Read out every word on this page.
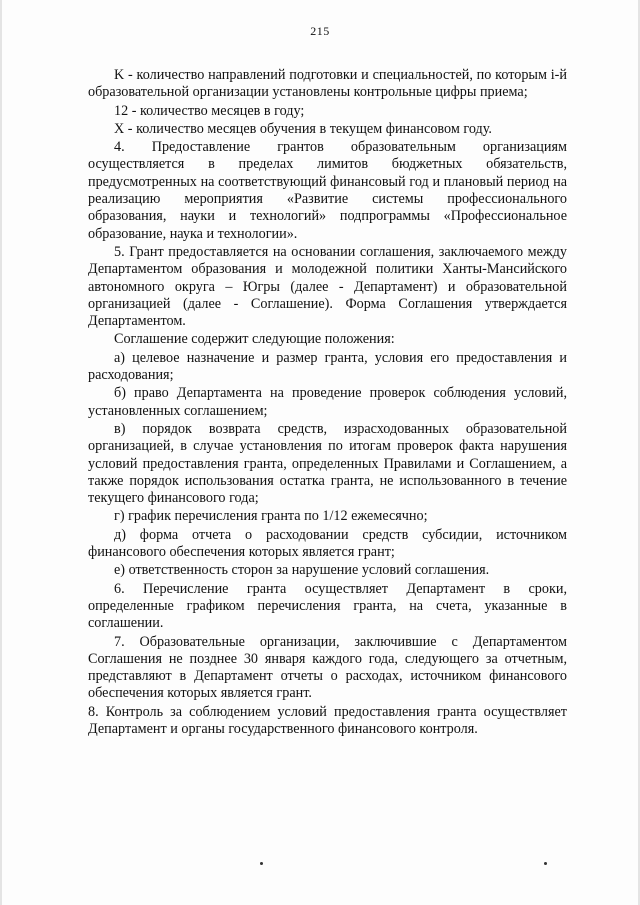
215

K - количество направлений подготовки и специальностей, по которым i-й образовательной организации установлены контрольные цифры приема;

12 - количество месяцев в году;

X - количество месяцев обучения в текущем финансовом году.

4. Предоставление грантов образовательным организациям осуществляется в пределах лимитов бюджетных обязательств, предусмотренных на соответствующий финансовый год и плановый период на реализацию мероприятия «Развитие системы профессионального образования, науки и технологий» подпрограммы «Профессиональное образование, наука и технологии».

5. Грант предоставляется на основании соглашения, заключаемого между Департаментом образования и молодежной политики Ханты-Мансийского автономного округа – Югры (далее - Департамент) и образовательной организацией (далее - Соглашение). Форма Соглашения утверждается Департаментом.

Соглашение содержит следующие положения:

а) целевое назначение и размер гранта, условия его предоставления и расходования;

б) право Департамента на проведение проверок соблюдения условий, установленных соглашением;

в) порядок возврата средств, израсходованных образовательной организацией, в случае установления по итогам проверок факта нарушения условий предоставления гранта, определенных Правилами и Соглашением, а также порядок использования остатка гранта, не использованного в течение текущего финансового года;

г) график перечисления гранта по 1/12 ежемесячно;

д) форма отчета о расходовании средств субсидии, источником финансового обеспечения которых является грант;

е) ответственность сторон за нарушение условий соглашения.

6. Перечисление гранта осуществляет Департамент в сроки, определенные графиком перечисления гранта, на счета, указанные в соглашении.

7. Образовательные организации, заключившие с Департаментом Соглашения не позднее 30 января каждого года, следующего за отчетным, представляют в Департамент отчеты о расходах, источником финансового обеспечения которых является грант.

8. Контроль за соблюдением условий предоставления гранта осуществляет Департамент и органы государственного финансового контроля.
